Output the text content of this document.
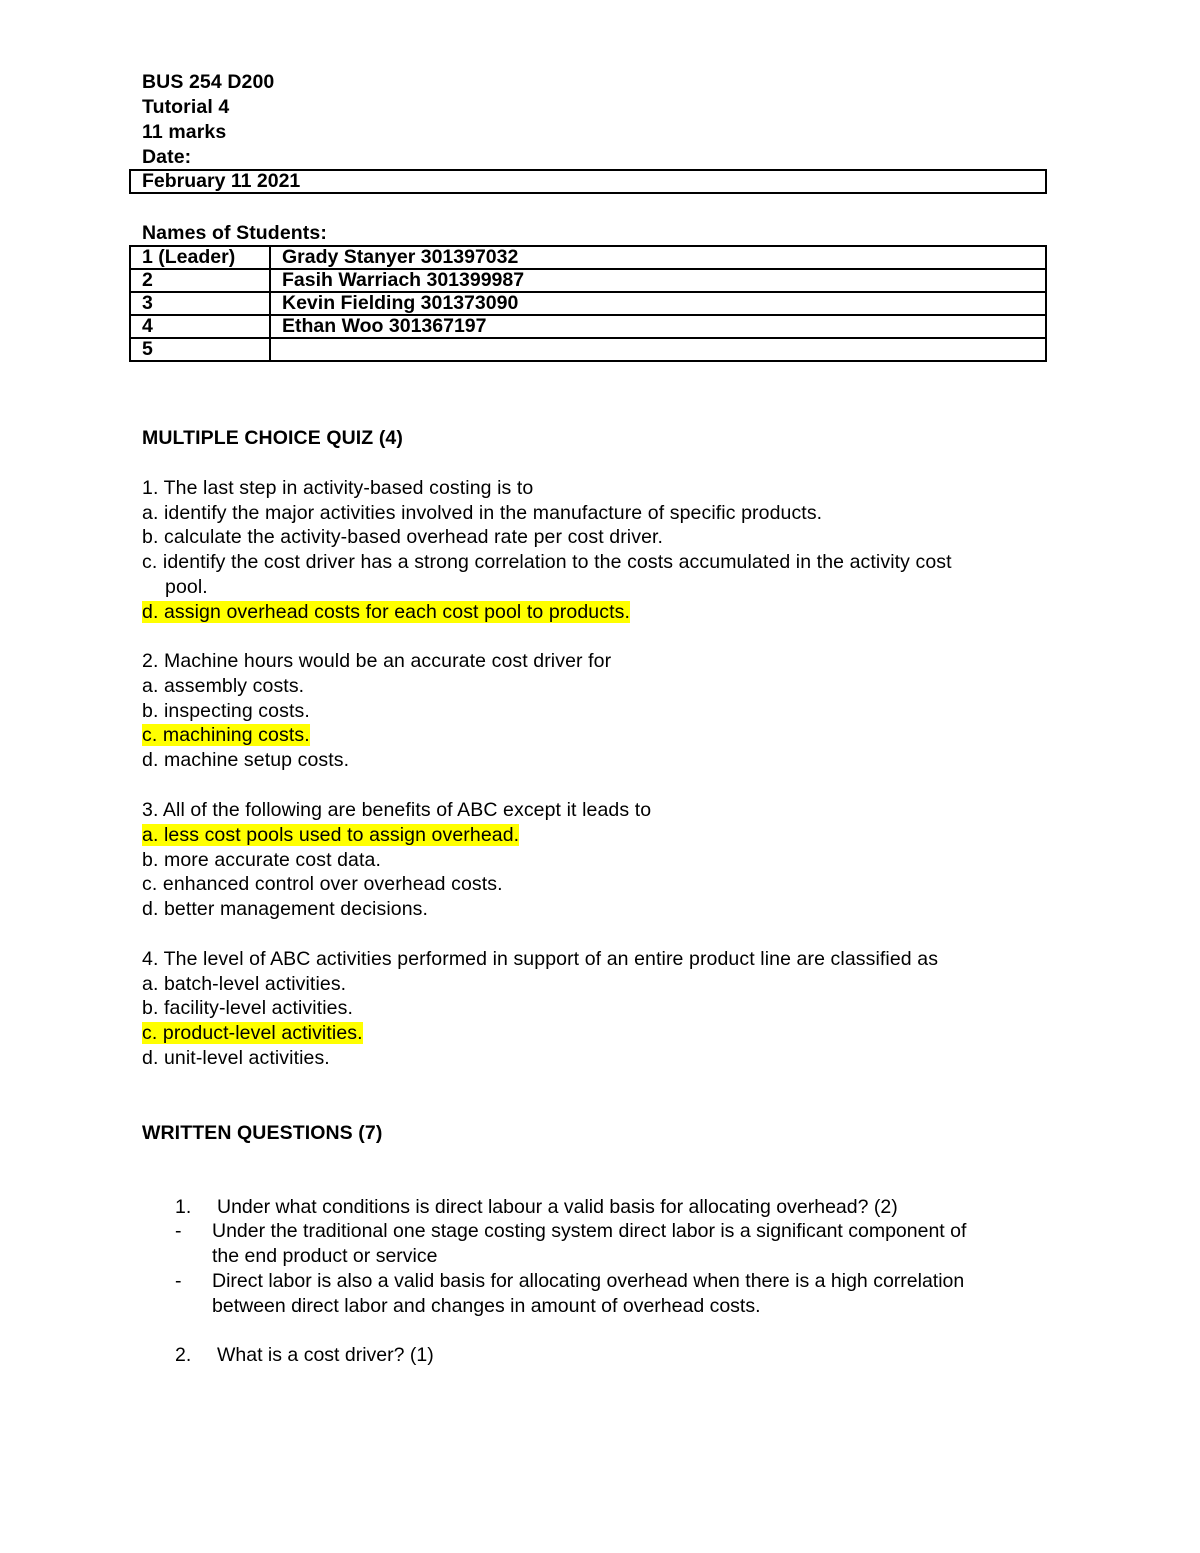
BUS 254 D200
Tutorial 4
11 marks
Date:
February 11 2021
Names of Students:
1 (Leader)	Grady Stanyer 301397032
2	Fasih Warriach 301399987
3	Kevin Fielding 301373090
4	Ethan Woo 301367197
5	
MULTIPLE CHOICE QUIZ (4)
1. The last step in activity-based costing is to
a. identify the major activities involved in the manufacture of specific products.
b. calculate the activity-based overhead rate per cost driver.
c. identify the cost driver has a strong correlation to the costs accumulated in the activity cost
pool.
d. assign overhead costs for each cost pool to products.
2. Machine hours would be an accurate cost driver for
a. assembly costs.
b. inspecting costs.
c. machining costs.
d. machine setup costs.
3. All of the following are benefits of ABC except it leads to
a. less cost pools used to assign overhead.
b. more accurate cost data.
c. enhanced control over overhead costs.
d. better management decisions.
4. The level of ABC activities performed in support of an entire product line are classified as
a. batch-level activities.
b. facility-level activities.
c. product-level activities.
d. unit-level activities.
WRITTEN QUESTIONS (7)
1. Under what conditions is direct labour a valid basis for allocating overhead? (2)
- Under the traditional one stage costing system direct labor is a significant component of
the end product or service
- Direct labor is also a valid basis for allocating overhead when there is a high correlation
between direct labor and changes in amount of overhead costs.
2. What is a cost driver? (1)
